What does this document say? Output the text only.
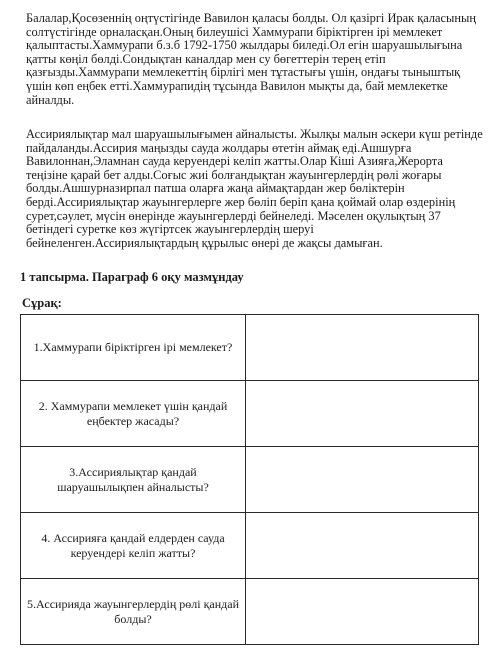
Балалар,Қосөзеннің оңтүстігінде Вавилон қаласы болды. Ол қазіргі Ирак қаласының солтүстігінде орналасқан.Оның билеушісі Хаммурапи біріктірген ірі мемлекет қалыптасты.Хаммурапи б.з.б 1792-1750 жылдары биледі.Ол егін шаруашылығына қатты көңіл бөлді.Сондықтан каналдар мен су бөгеттерін терең етіп қазғызды.Хаммурапи мемлекеттің бірлігі мен тұтастығы үшін, ондағы тыныштық үшін көп еңбек етті.Хаммурапидің тұсында Вавилон мықты да, бай мемлекетке айналды.

Ассириялықтар мал шаруашылығымен айналысты. Жылқы малын әскери күш ретінде пайдаланды.Ассирия маңызды сауда жолдары өтетін аймақ еді.Ашшурға Вавилоннан,Эламнан сауда керуендері келіп жатты.Олар Кіші Азияға,Жерорта теңізіне қарай бет алды.Соғыс жиі болғандықтан жауынгерлердің рөлі жоғары болды.Ашшурназирпал патша оларға жаңа аймақтардан жер бөліктерін берді.Ассириялықтар жауынгерлерге жер бөліп беріп қана қоймай олар өздерінің сурет,сәулет, мүсін өнерінде жауынгерлерді бейнеледі. Мәселен оқулықтың 37 бетіндегі суретке көз жүгіртсек жауынгерлердің шеруі бейнеленген.Ассириялықтардың құрылыс өнері де жақсы дамыған.

1 тапсырма. Параграф 6 оқу мазмұндау
Сұрақ:
1.Хаммурапи біріктірген ірі мемлекет?	
2. Хаммурапи мемлекет үшін қандай еңбектер жасады?	
3.Ассириялықтар қандай шаруашылықпен айналысты?	
4. Ассирияға қандай елдерден сауда керуендері келіп жатты?	
5.Ассирияда жауынгерлердің рөлі қандай болды?	
